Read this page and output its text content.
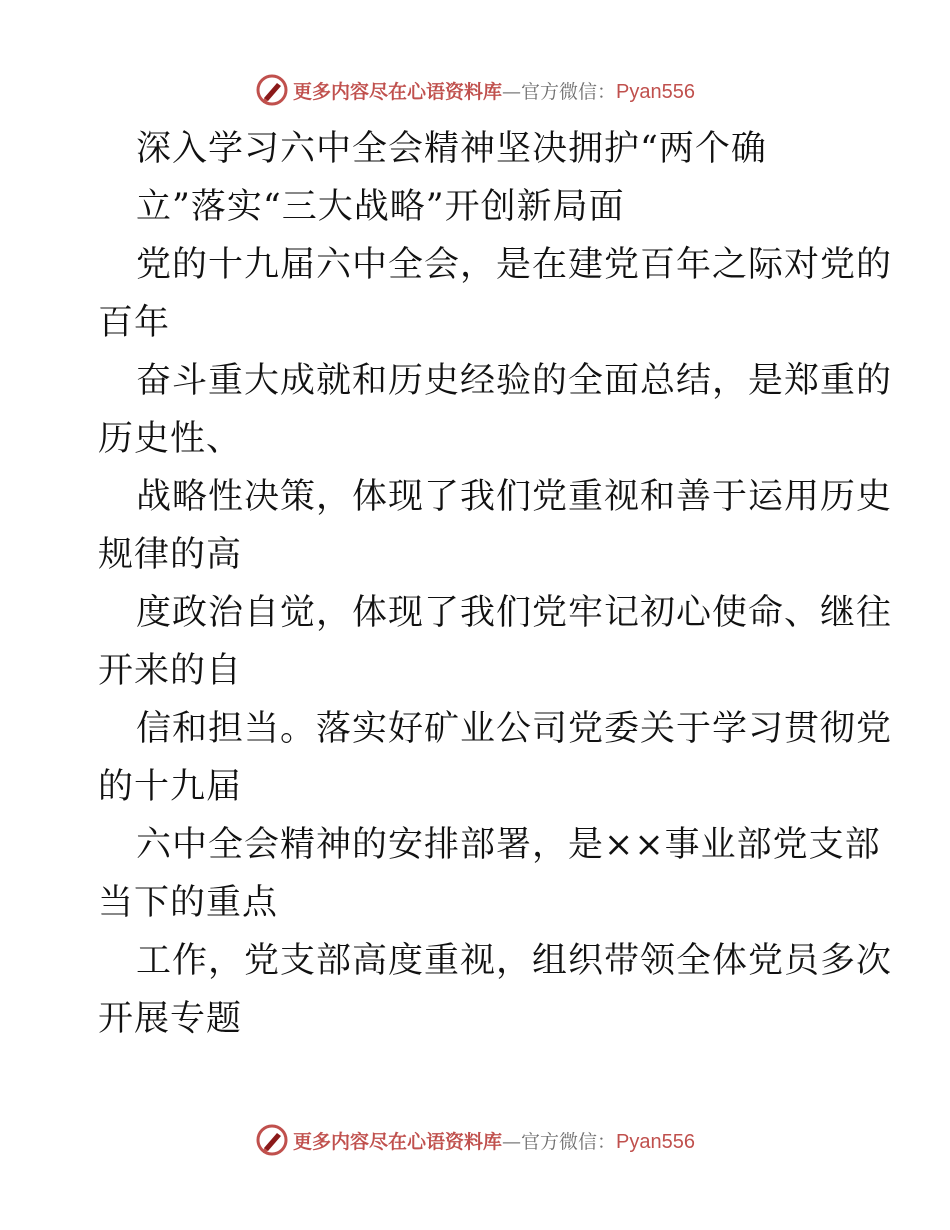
更多内容尽在心语资料库—官方微信：Pyan556
深入学习六中全会精神坚决拥护“两个确
立”落实“三大战略”开创新局面
党的十九届六中全会，是在建党百年之际对党的
百年
奋斗重大成就和历史经验的全面总结，是郑重的
历史性、
战略性决策，体现了我们党重视和善于运用历史
规律的高
度政治自觉，体现了我们党牢记初心使命、继往
开来的自
信和担当。落实好矿业公司党委关于学习贯彻党
的十九届
六中全会精神的安排部署，是××事业部党支部
当下的重点
工作，党支部高度重视，组织带领全体党员多次
开展专题
更多内容尽在心语资料库—官方微信：Pyan556
